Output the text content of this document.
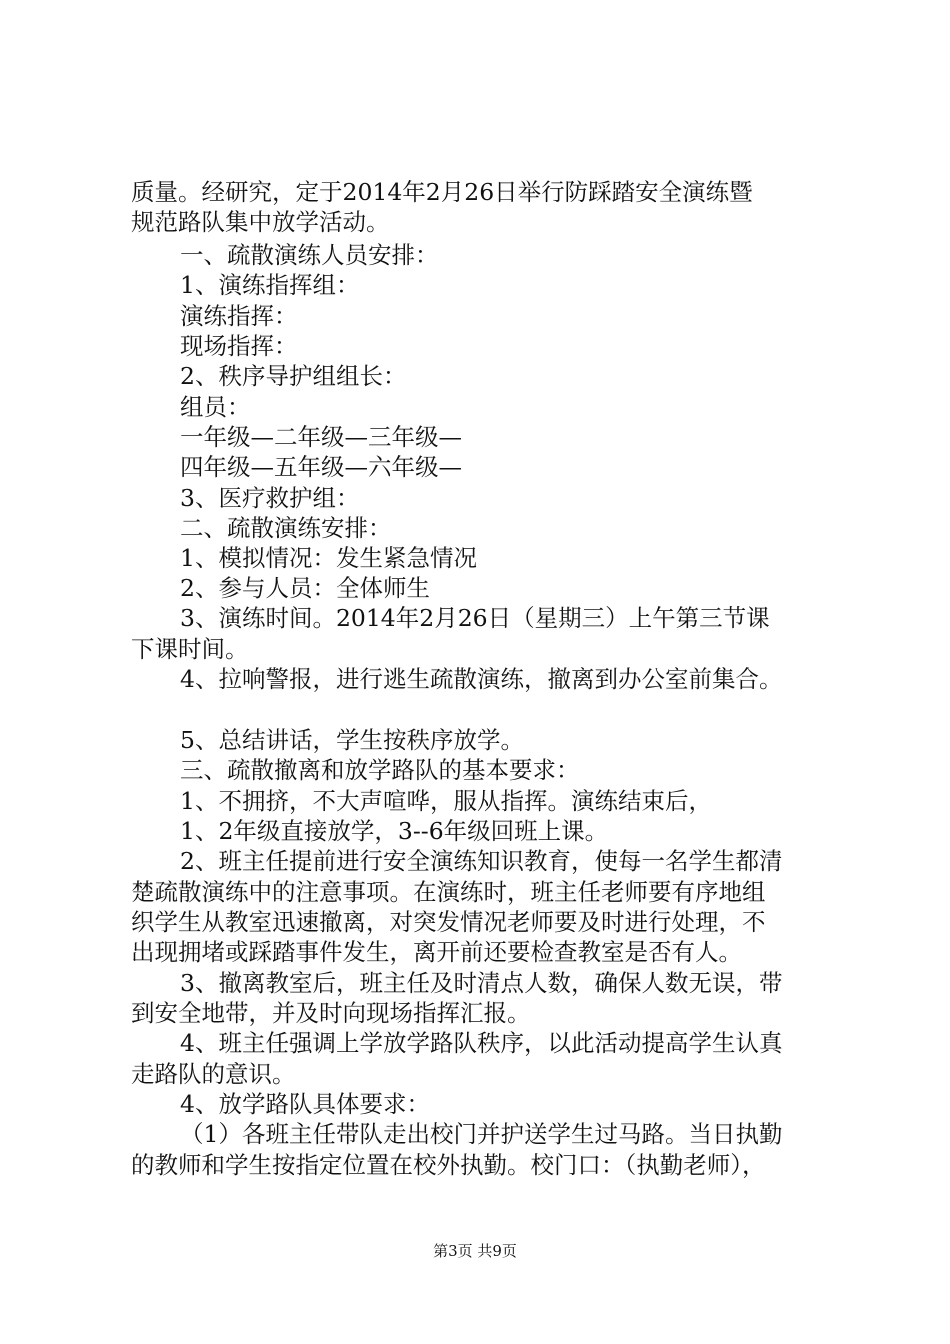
质量。经研究，定于2014年2月26日举行防踩踏安全演练暨
规范路队集中放学活动。
一、疏散演练人员安排：
1、演练指挥组：
演练指挥：
现场指挥：
2、秩序导护组组长：
组员：
一年级—二年级—三年级—
四年级—五年级—六年级—
3、医疗救护组：
二、疏散演练安排：
1、模拟情况：发生紧急情况
2、参与人员：全体师生
3、演练时间。2014年2月26日（星期三）上午第三节课
下课时间。
4、拉响警报，进行逃生疏散演练，撤离到办公室前集合。
5、总结讲话，学生按秩序放学。
三、疏散撤离和放学路队的基本要求：
1、不拥挤，不大声喧哗，服从指挥。演练结束后，
1、2年级直接放学，3--6年级回班上课。
2、班主任提前进行安全演练知识教育，使每一名学生都清
楚疏散演练中的注意事项。在演练时，班主任老师要有序地组
织学生从教室迅速撤离，对突发情况老师要及时进行处理，不
出现拥堵或踩踏事件发生，离开前还要检查教室是否有人。
3、撤离教室后，班主任及时清点人数，确保人数无误，带
到安全地带，并及时向现场指挥汇报。
4、班主任强调上学放学路队秩序，以此活动提高学生认真
走路队的意识。
4、放学路队具体要求：
（1）各班主任带队走出校门并护送学生过马路。当日执勤
的教师和学生按指定位置在校外执勤。校门口：（执勤老师），
第3页 共9页
